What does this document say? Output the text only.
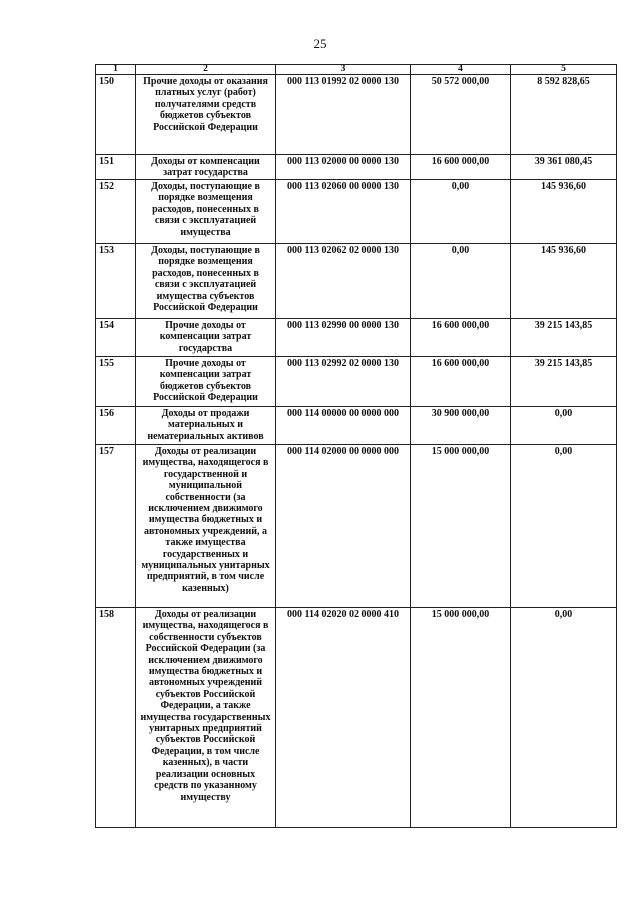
25
1	2	3	4	5
150	Прочие доходы от оказания платных услуг (работ) получателями средств бюджетов субъектов Российской Федерации	000 113 01992 02 0000 130	50 572 000,00	8 592 828,65
151	Доходы от компенсации затрат государства	000 113 02000 00 0000 130	16 600 000,00	39 361 080,45
152	Доходы, поступающие в порядке возмещения расходов, понесенных в связи с эксплуатацией имущества	000 113 02060 00 0000 130	0,00	145 936,60
153	Доходы, поступающие в порядке возмещения расходов, понесенных в связи с эксплуатацией имущества субъектов Российской Федерации	000 113 02062 02 0000 130	0,00	145 936,60
154	Прочие доходы от компенсации затрат государства	000 113 02990 00 0000 130	16 600 000,00	39 215 143,85
155	Прочие доходы от компенсации затрат бюджетов субъектов Российской Федерации	000 113 02992 02 0000 130	16 600 000,00	39 215 143,85
156	Доходы от продажи материальных и нематериальных активов	000 114 00000 00 0000 000	30 900 000,00	0,00
157	Доходы от реализации имущества, находящегося в государственной и муниципальной собственности (за исключением движимого имущества бюджетных и автономных учреждений, а также имущества государственных и муниципальных унитарных предприятий, в том числе казенных)	000 114 02000 00 0000 000	15 000 000,00	0,00
158	Доходы от реализации имущества, находящегося в собственности субъектов Российской Федерации (за исключением движимого имущества бюджетных и автономных учреждений субъектов Российской Федерации, а также имущества государственных унитарных предприятий субъектов Российской Федерации, в том числе казенных), в части реализации основных средств по указанному имуществу	000 114 02020 02 0000 410	15 000 000,00	0,00
